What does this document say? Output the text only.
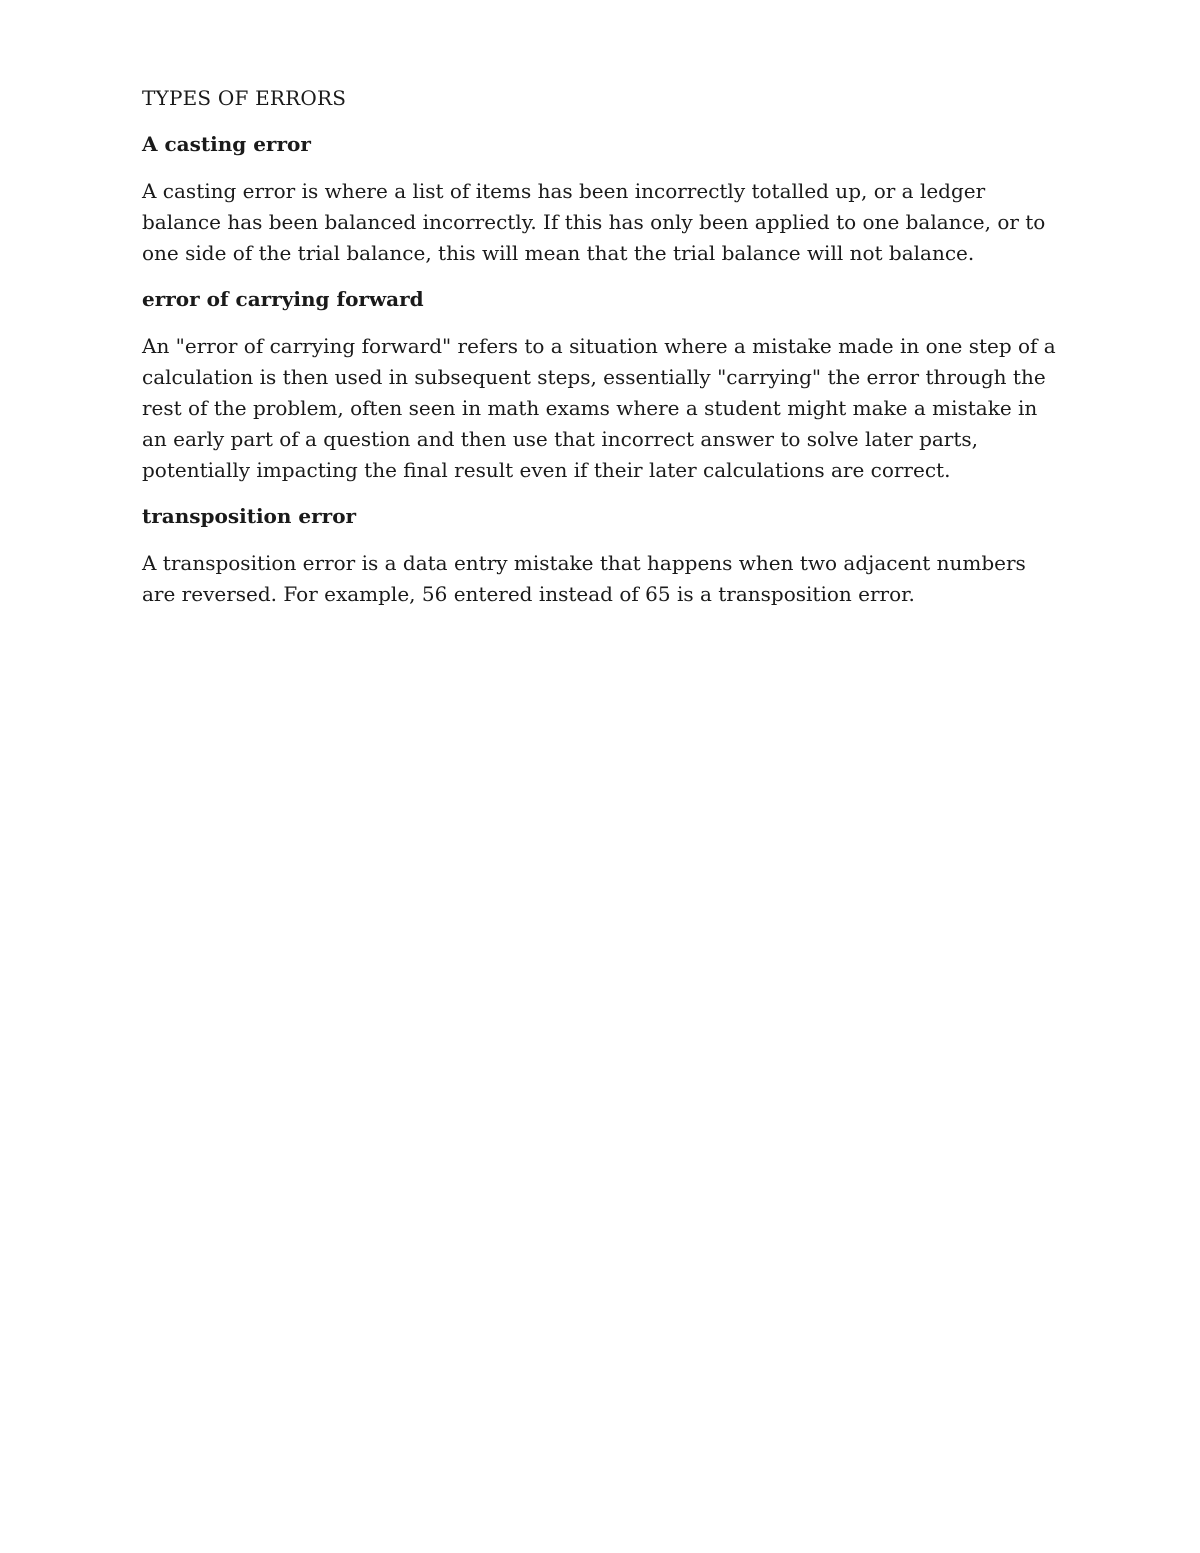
TYPES OF ERRORS

A casting error

A casting error is where a list of items has been incorrectly totalled up, or a ledger balance has been balanced incorrectly. If this has only been applied to one balance, or to one side of the trial balance, this will mean that the trial balance will not balance.

error of carrying forward

An "error of carrying forward" refers to a situation where a mistake made in one step of a calculation is then used in subsequent steps, essentially "carrying" the error through the rest of the problem, often seen in math exams where a student might make a mistake in an early part of a question and then use that incorrect answer to solve later parts, potentially impacting the final result even if their later calculations are correct.

transposition error

A transposition error is a data entry mistake that happens when two adjacent numbers are reversed. For example, 56 entered instead of 65 is a transposition error.
